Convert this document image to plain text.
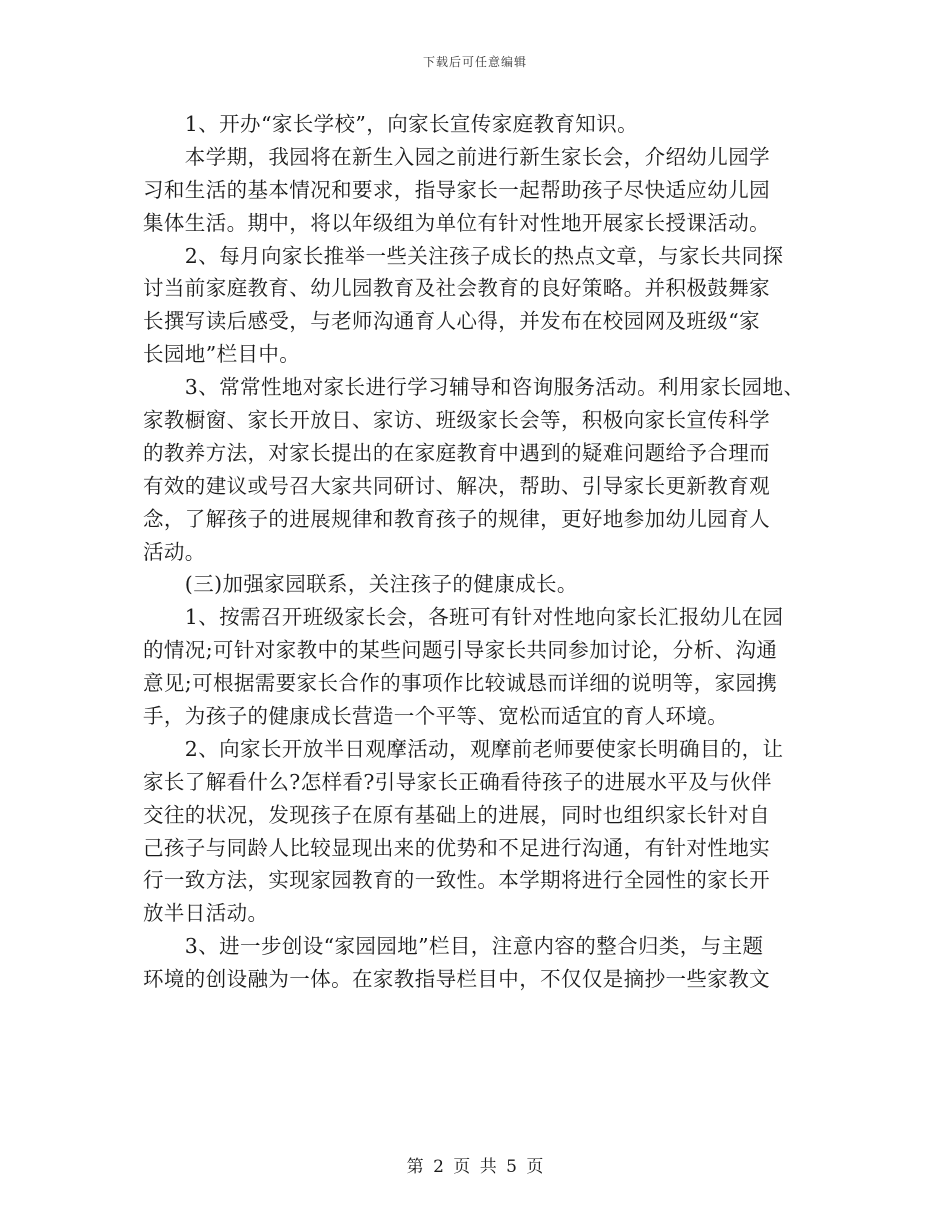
下载后可任意编辑
　　1、开办“家长学校”，向家长宣传家庭教育知识。
　　本学期，我园将在新生入园之前进行新生家长会，介绍幼儿园学
习和生活的基本情况和要求，指导家长一起帮助孩子尽快适应幼儿园
集体生活。期中，将以年级组为单位有针对性地开展家长授课活动。
　　2、每月向家长推举一些关注孩子成长的热点文章，与家长共同探
讨当前家庭教育、幼儿园教育及社会教育的良好策略。并积极鼓舞家
长撰写读后感受，与老师沟通育人心得，并发布在校园网及班级“家
长园地”栏目中。
　　3、常常性地对家长进行学习辅导和咨询服务活动。利用家长园地、
家教橱窗、家长开放日、家访、班级家长会等，积极向家长宣传科学
的教养方法，对家长提出的在家庭教育中遇到的疑难问题给予合理而
有效的建议或号召大家共同研讨、解决，帮助、引导家长更新教育观
念，了解孩子的进展规律和教育孩子的规律，更好地参加幼儿园育人
活动。
　　(三)加强家园联系，关注孩子的健康成长。
　　1、按需召开班级家长会，各班可有针对性地向家长汇报幼儿在园
的情况;可针对家教中的某些问题引导家长共同参加讨论，分析、沟通
意见;可根据需要家长合作的事项作比较诚恳而详细的说明等，家园携
手，为孩子的健康成长营造一个平等、宽松而适宜的育人环境。
　　2、向家长开放半日观摩活动，观摩前老师要使家长明确目的，让
家长了解看什么?怎样看?引导家长正确看待孩子的进展水平及与伙伴
交往的状况，发现孩子在原有基础上的进展，同时也组织家长针对自
己孩子与同龄人比较显现出来的优势和不足进行沟通，有针对性地实
行一致方法，实现家园教育的一致性。本学期将进行全园性的家长开
放半日活动。
　　3、进一步创设“家园园地”栏目，注意内容的整合归类，与主题
环境的创设融为一体。在家教指导栏目中，不仅仅是摘抄一些家教文
第 2 页 共 5 页
